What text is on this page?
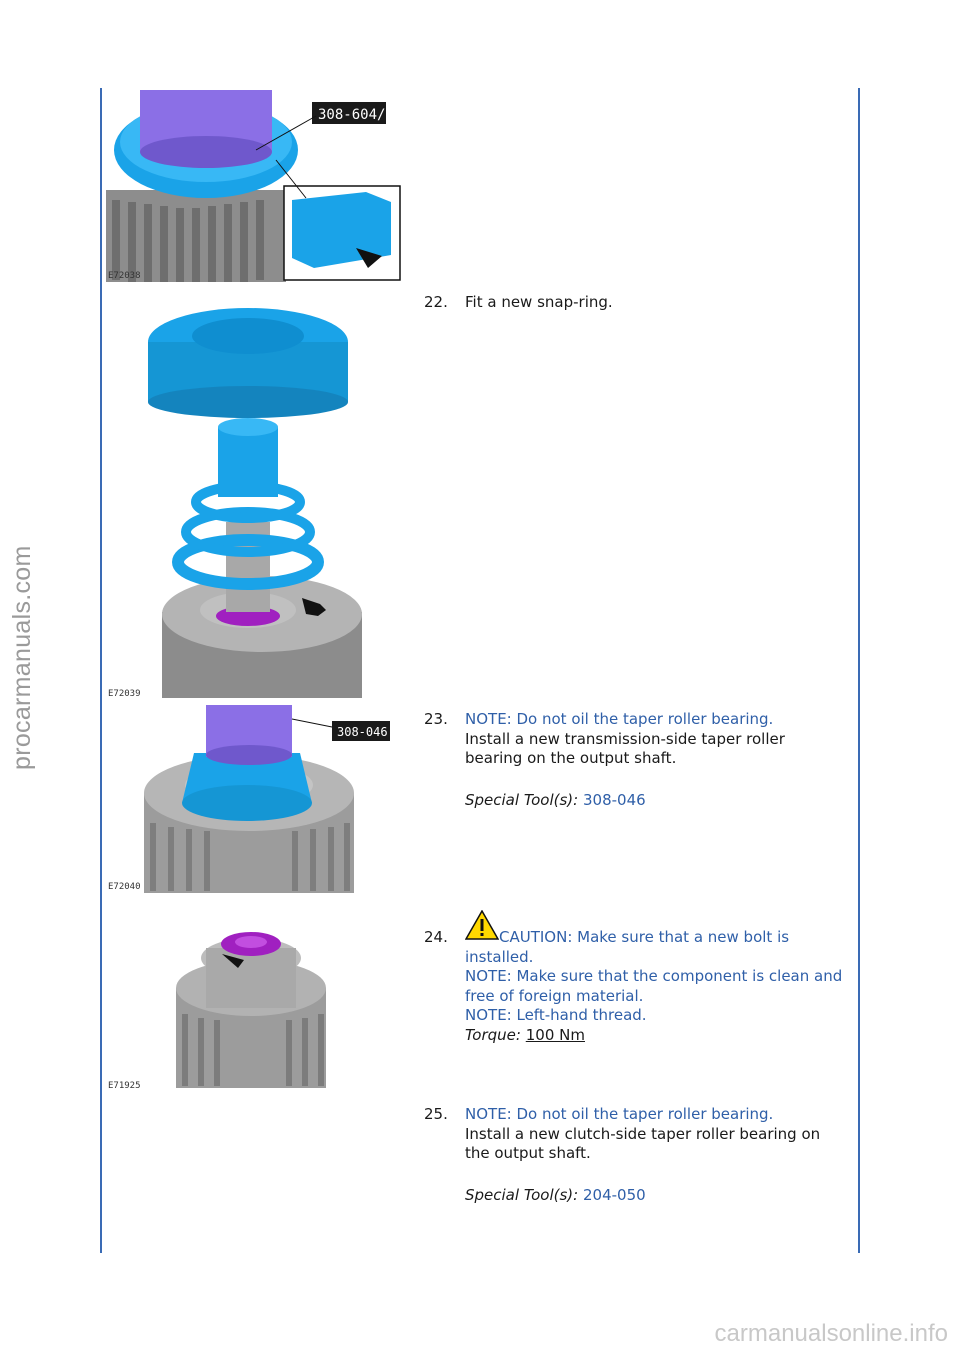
procarmanuals.com
carmanualsonline.info
308-604/
E72038
22. Fit a new snap-ring.
E72039
23. NOTE: Do not oil the taper roller bearing.
Install a new transmission-side taper roller bearing on the output shaft.
Special Tool(s): 308-046
308-046
E72040
E71925
24.	CAUTION: Make sure that a new bolt is installed.
NOTE: Make sure that the component is clean and free of foreign material.
NOTE: Left-hand thread.
Torque: 100 Nm
25. NOTE: Do not oil the taper roller bearing.
Install a new clutch-side taper roller bearing on the output shaft.
Special Tool(s): 204-050
